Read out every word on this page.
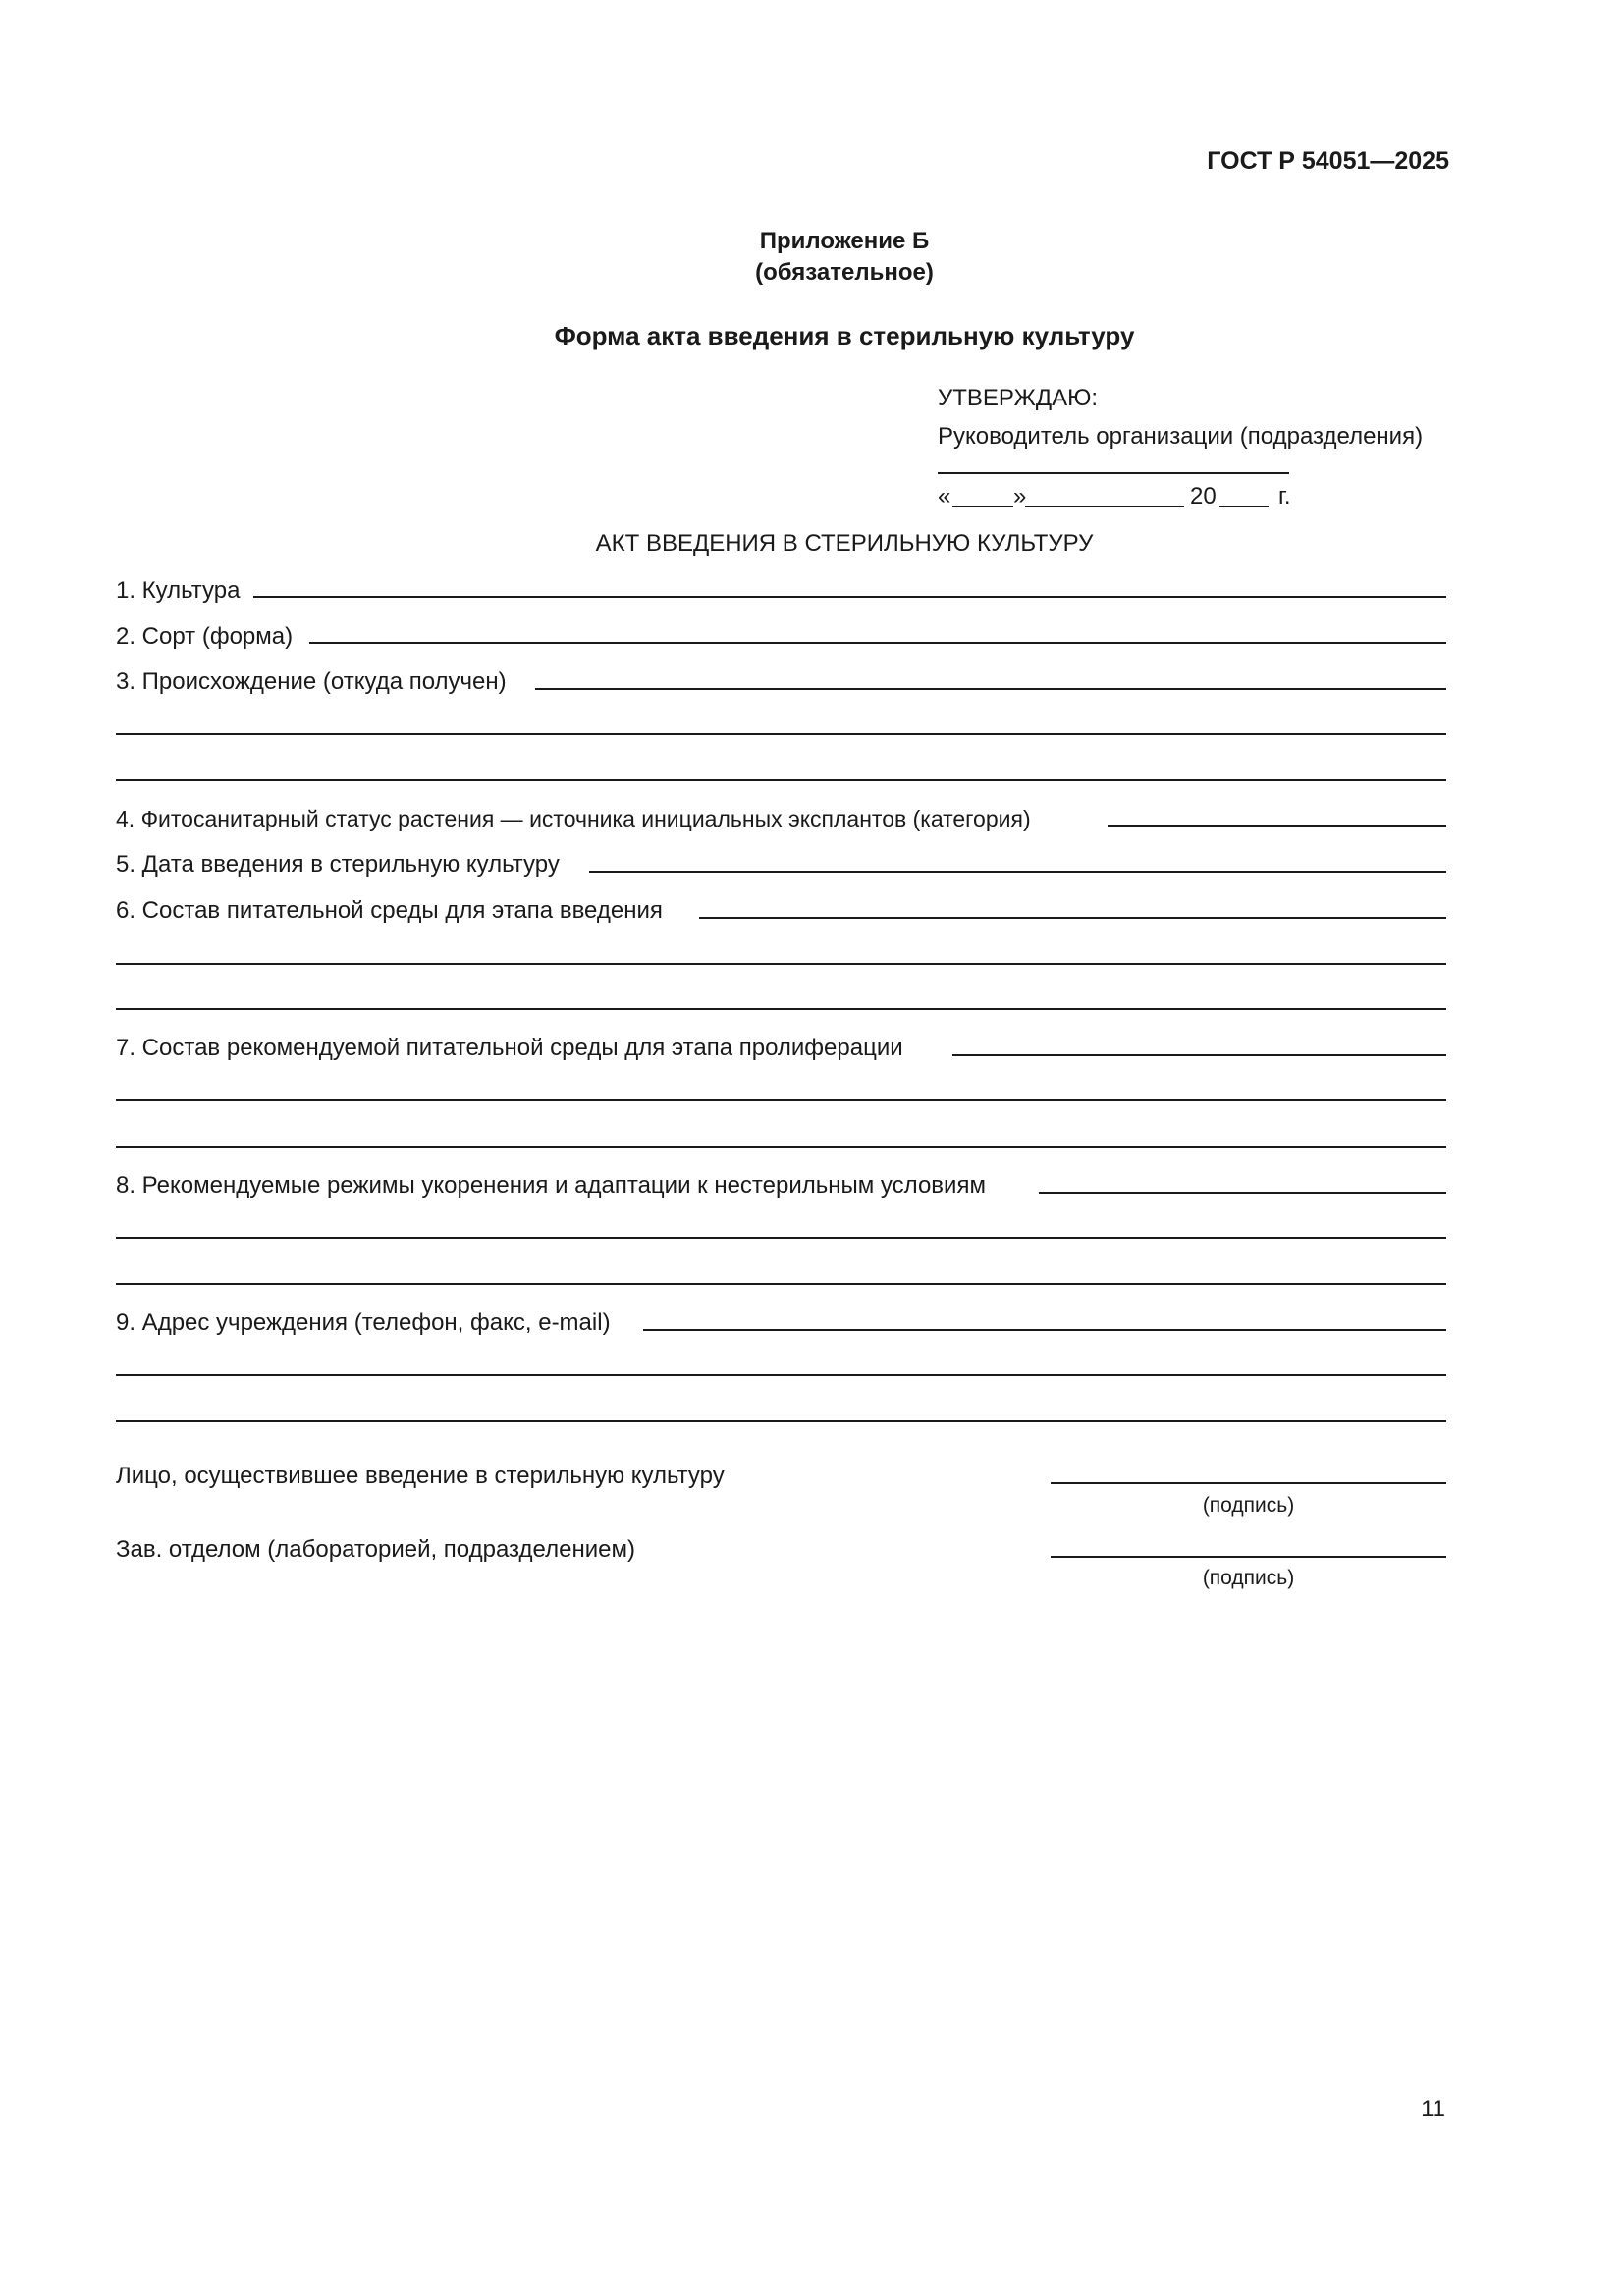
ГОСТ Р 54051—2025
Приложение Б
(обязательное)
Форма акта введения в стерильную культуру
УТВЕРЖДАЮ:
Руководитель организации (подразделения)
«	»	20	г.
АКТ ВВЕДЕНИЯ В СТЕРИЛЬНУЮ КУЛЬТУРУ
1. Культура
2. Сорт (форма)
3. Происхождение (откуда получен)
4. Фитосанитарный статус растения — источника инициальных эксплантов (категория)
5. Дата введения в стерильную культуру
6. Состав питательной среды для этапа введения
7. Состав рекомендуемой питательной среды для этапа пролиферации
8. Рекомендуемые режимы укоренения и адаптации к нестерильным условиям
9. Адрес учреждения (телефон, факс, e-mail)
Лицо, осуществившее введение в стерильную культуру
(подпись)
Зав. отделом (лабораторией, подразделением)
(подпись)
11
